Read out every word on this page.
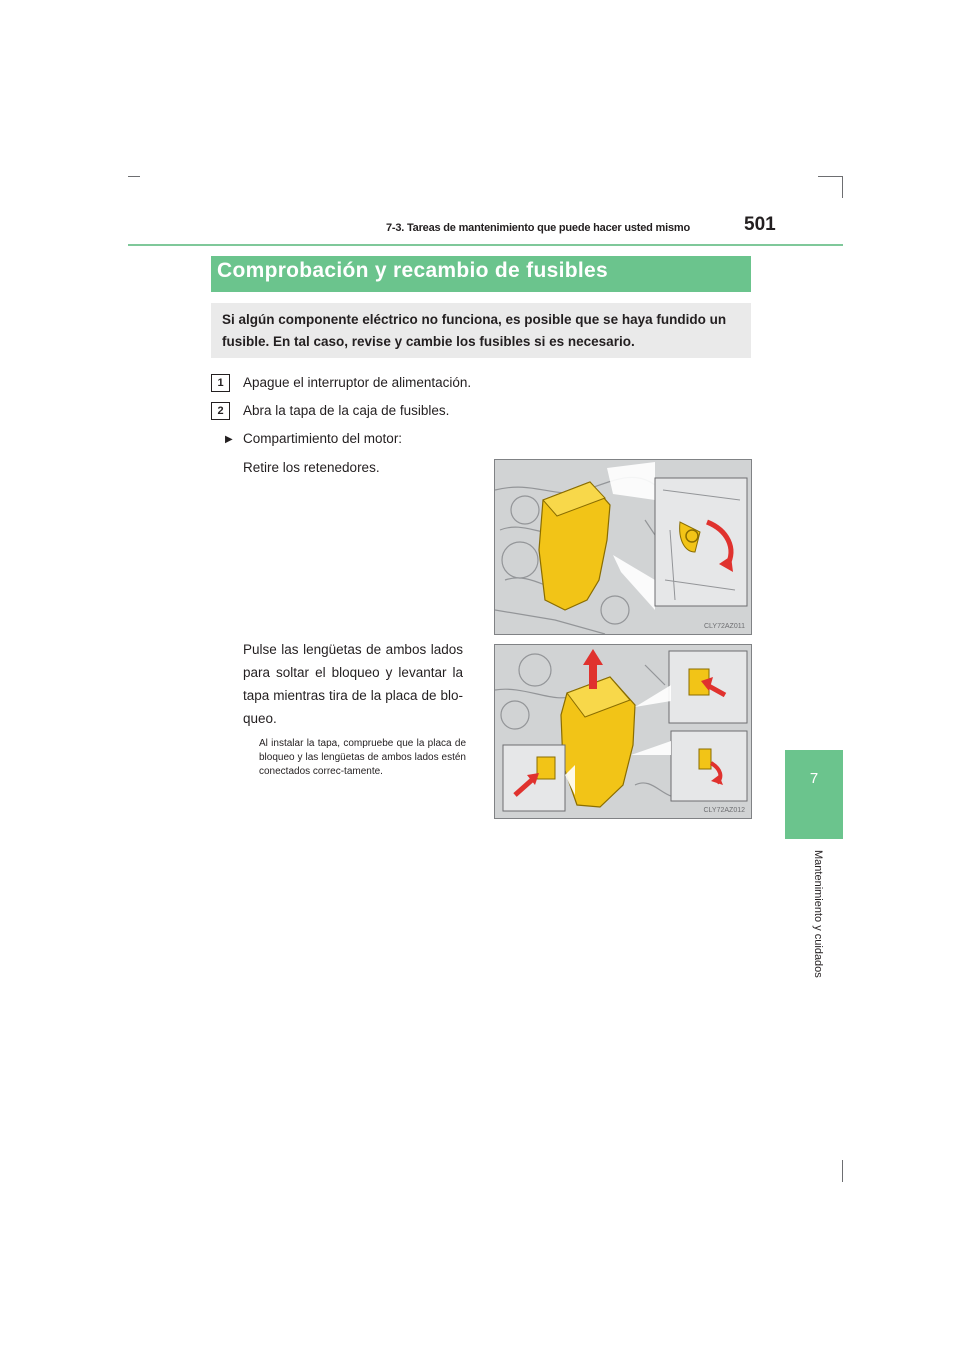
7-3. Tareas de mantenimiento que puede hacer usted mismo	501
7
Mantenimiento y cuidados
Comprobación y recambio de fusibles
Si algún componente eléctrico no funciona, es posible que se haya fundido un fusible. En tal caso, revise y cambie los fusibles si es necesario.
1	Apague el interruptor de alimentación.
2	Abra la tapa de la caja de fusibles.
▶ Compartimiento del motor:
Retire los retenedores.
Pulse las lengüetas de ambos lados para soltar el bloqueo y levantar la tapa mientras tira de la placa de blo-queo.
Al instalar la tapa, compruebe que la placa de bloqueo y las lengüetas de ambos lados estén conectados correc-tamente.
CLY72AZ011
CLY72AZ012
